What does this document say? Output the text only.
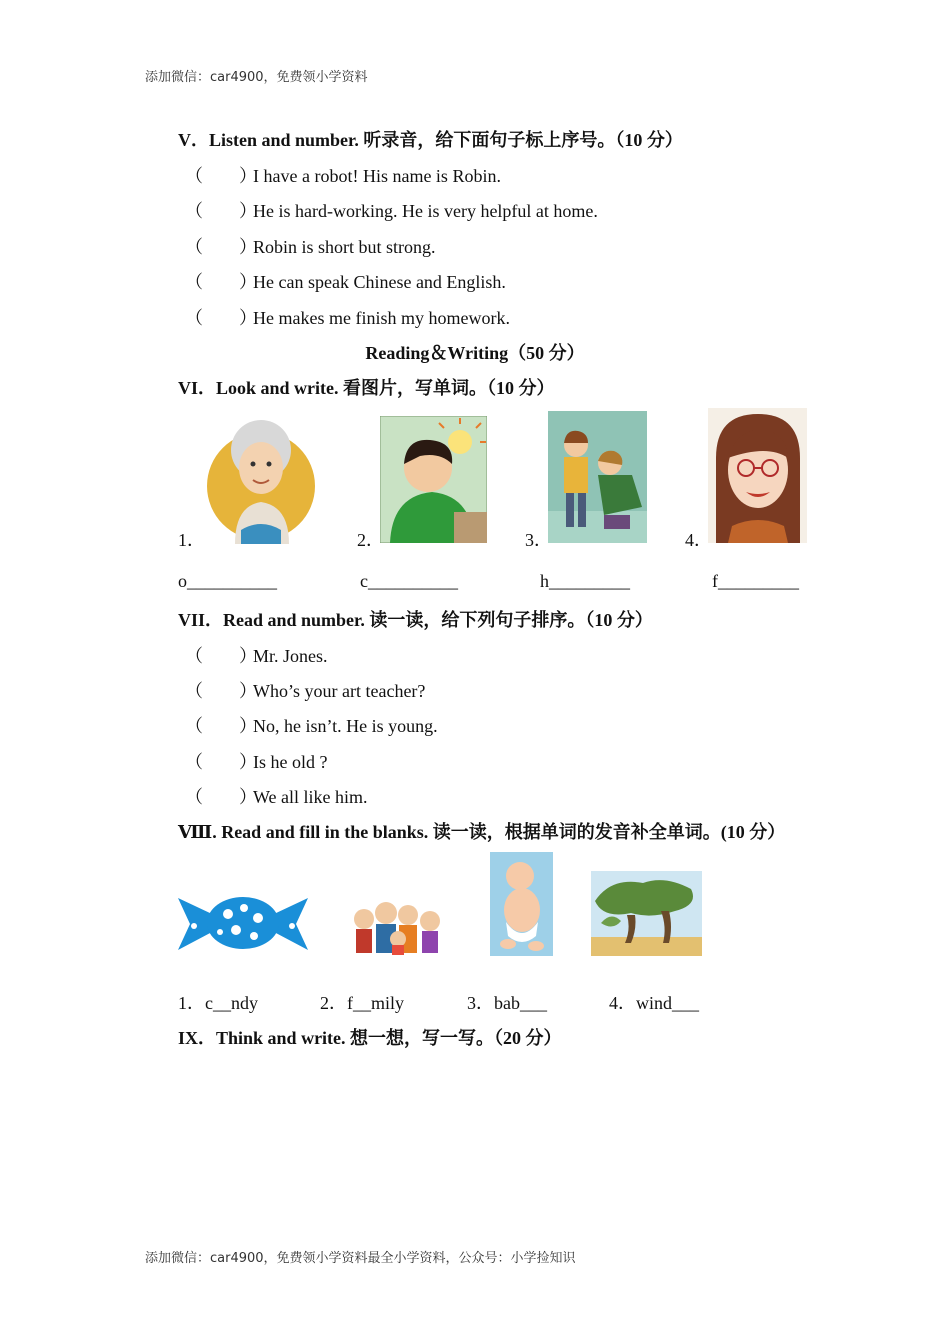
添加微信：car4900，免费领小学资料
V．Listen and number. 听录音，给下面句子标上序号。（10 分）
（　　）I have a robot! His name is Robin.
（　　）He is hard-working. He is very helpful at home.
（　　）Robin is short but strong.
（　　）He can speak Chinese and English.
（　　）He makes me finish my homework.
Reading＆Writing（50 分）
VI．Look and write. 看图片，写单词。（10 分）
1．	2．	3．	4．
o__________	c__________	h_________	f_________
VII．Read and number. 读一读，给下列句子排序。（10 分）
（　　）Mr. Jones.
（　　）Who’s your art teacher?
（　　）No, he isn’t. He is young.
（　　）Is he old ?
（　　）We all like him.
Ⅷ. Read and fill in the blanks. 读一读，根据单词的发音补全单词。(10 分）
1．c__ndy	2．f__mily	3．bab___	4．wind___
IX．Think and write. 想一想，写一写。（20 分）
添加微信：car4900，免费领小学资料最全小学资料，公众号：小学捡知识
